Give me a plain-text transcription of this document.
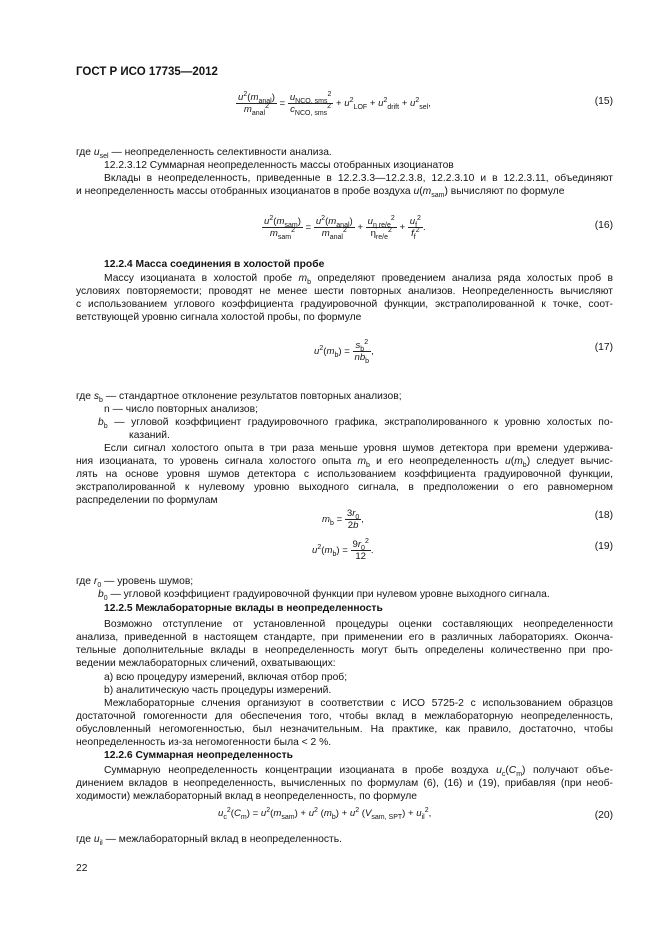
ГОСТ Р ИСО 17735—2012
$\frac{u^2(m_{anal})}{m_{anal}^2} = \frac{u_{NCO, sms}^2}{c_{NCO, sms}^2} + u^2_{LOF} + u^2_{drift} + u^2_{sel}$,	(15)
где $u_{sel}$ — неопределенность селективности анализа.
12.2.3.12 Суммарная неопределенность массы отобранных изоцианатов
Вклады в неопределенность, приведенные в 12.2.3.3—12.2.3.8, 12.2.3.10 и в 12.2.3.11, объединяют
и неопределенность массы отобранных изоцианатов в пробе воздуха $u(m_{sam})$ вычисляют по формуле
$\frac{u^2(m_{sam})}{m_{sam}^2} = \frac{u^2(m_{anal})}{m_{anal}^2} + \frac{u_{\eta re/e}^2}{\eta_{re/e}^2} + \frac{u_f^2}{f_f^2}$ .	(16)
12.2.4 Масса соединения в холостой пробе
Массу изоцианата в холостой пробе $m_b$ определяют проведением анализа ряда холостых проб в
условиях повторяемости; проводят не менее шести повторных анализов. Неопределенность вычисляют
с использованием углового коэффициента градуировочной функции, экстраполированной к точке, соот-
ветствующей уровню сигнала холостой пробы, по формуле
$u^2(m_b) = \frac{s_b^2}{nb_b}$ ,	(17)
где $s_b$ — стандартное отклонение результатов повторных анализов;
n — число повторных анализов;
$b_b$ — угловой коэффициент градуировочного графика, экстраполированного к уровню холостых по-
казаний.
Если сигнал холостого опыта в три раза меньше уровня шумов детектора при времени удержива-
ния изоцианата, то уровень сигнала холостого опыта $m_b$ и его неопределенность $u(m_b)$ следует вычис-
лять на основе уровня шумов детектора с использованием коэффициента градуировочной функции,
экстраполированной к нулевому уровню выходного сигнала, в предположении о его равномерном
распределении по формулам
$m_b = \frac{3r_0}{2b}$ ,	(18)
$u^2(m_b) = \frac{9r_0^2}{12}$ .	(19)
где $r_0$ — уровень шумов;
$b_0$ — угловой коэффициент градуировочной функции при нулевом уровне выходного сигнала.
12.2.5 Межлабораторные вклады в неопределенность
Возможно отступление от установленной процедуры оценки составляющих неопределенности
анализа, приведенной в настоящем стандарте, при применении его в различных лабораториях. Оконча-
тельные дополнительные вклады в неопределенность могут быть определены количественно при про-
ведении межлабораторных сличений, охватывающих:
a) всю процедуру измерений, включая отбор проб;
b) аналитическую часть процедуры измерений.
Межлабораторные слчения организуют в соответствии с ИСО 5725-2 с использованием образцов
достаточной гомогенности для обеспечения того, чтобы вклад в межлабораторную неопределенность,
обусловленный негомогенностью, был незначительным. На практике, как правило, достаточно, чтобы
неопределенность из-за негомогенности была < 2 %.
12.2.6 Суммарная неопределенность
Суммарную неопределенность концентрации изоцианата в пробе воздуха $u_c(C_m)$ получают объе-
динением вкладов в неопределенность, вычисленных по формулам (6), (16) и (19), прибавляя (при необ-
ходимости) межлабораторный вклад в неопределенность, по формуле
$u_c^2(C_m) = u^2(m_{sam}) + u^2$ $(m_b) + u^2$ $(V_{sam, SPT}) + u_{il}^2$,	(20)
где $u_{il}$ — межлабораторный вклад в неопределенность.
22
